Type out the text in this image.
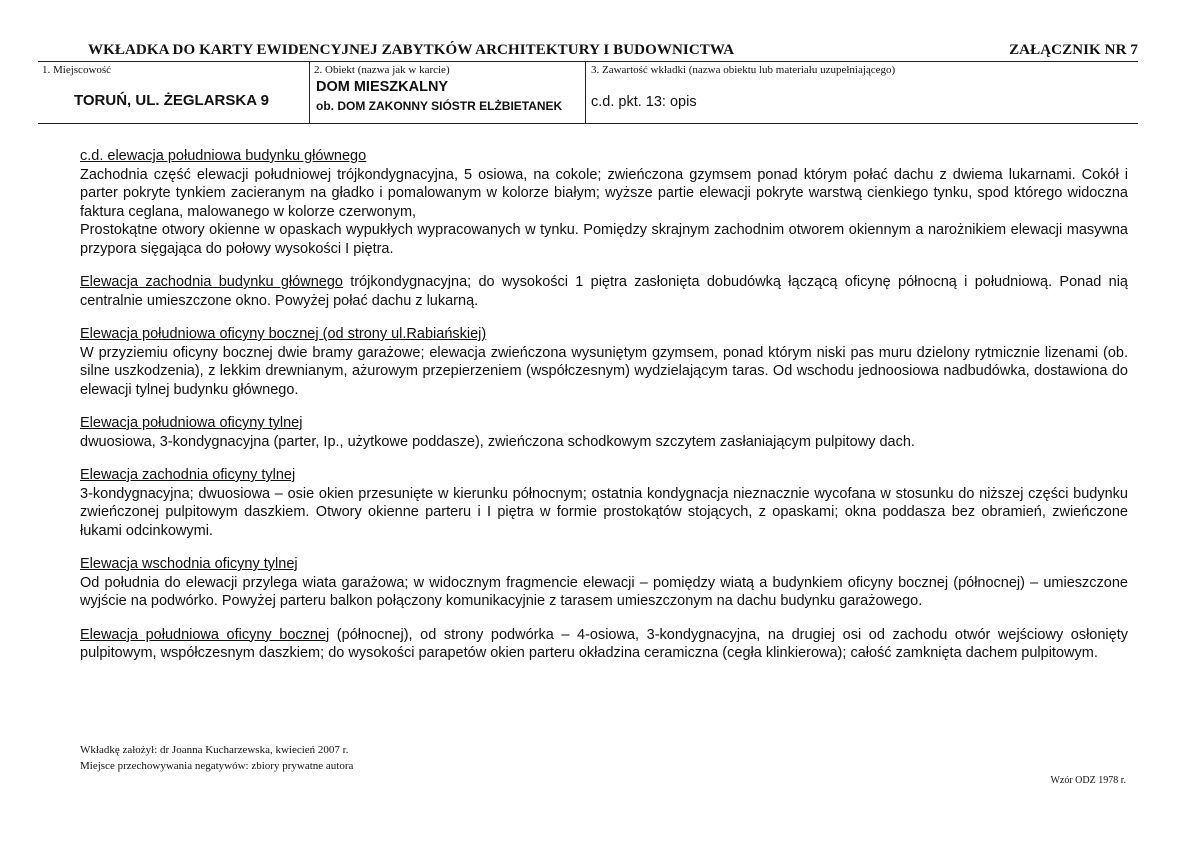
WKŁADKA DO KARTY EWIDENCYJNEJ ZABYTKÓW ARCHITEKTURY I BUDOWNICTWA	ZAŁĄCZNIK NR 7
1. Miejscowość
TORUŃ, UL. ŻEGLARSKA 9
2. Obiekt (nazwa jak w karcie)
DOM MIESZKALNY
ob. DOM ZAKONNY SIÓSTR ELŻBIETANEK
3. Zawartość wkładki (nazwa obiektu lub materiału uzupełniającego)
c.d. pkt. 13: opis

c.d. elewacja południowa budynku głównego

Zachodnia część elewacji południowej trójkondygnacyjna, 5 osiowa, na cokole; zwieńczona gzymsem ponad którym połać dachu z dwiema lukarnami. Cokół i parter pokryte tynkiem zacieranym na gładko i pomalowanym w kolorze białym; wyższe partie elewacji pokryte warstwą cienkiego tynku, spod którego widoczna faktura ceglana, malowanego w kolorze czerwonym,

Prostokątne otwory okienne w opaskach wypukłych wypracowanych w tynku. Pomiędzy skrajnym zachodnim otworem okiennym a narożnikiem elewacji masywna przypora sięgająca do połowy wysokości I piętra.

Elewacja zachodnia budynku głównego trójkondygnacyjna; do wysokości 1 piętra zasłonięta dobudówką łączącą oficynę północną i południową. Ponad nią centralnie umieszczone okno. Powyżej połać dachu z lukarną.

Elewacja południowa oficyny bocznej (od strony ul.Rabiańskiej)

W przyziemiu oficyny bocznej dwie bramy garażowe; elewacja zwieńczona wysuniętym gzymsem, ponad którym niski pas muru dzielony rytmicznie lizenami (ob. silne uszkodzenia), z lekkim drewnianym, ażurowym przepierzeniem (współczesnym) wydzielającym taras. Od wschodu jednoosiowa nadbudówka, dostawiona do elewacji tylnej budynku głównego.

Elewacja południowa oficyny tylnej

dwuosiowa, 3-kondygnacyjna (parter, Ip., użytkowe poddasze), zwieńczona schodkowym szczytem zasłaniającym pulpitowy dach.

Elewacja zachodnia oficyny tylnej

3-kondygnacyjna; dwuosiowa – osie okien przesunięte w kierunku północnym; ostatnia kondygnacja nieznacznie wycofana w stosunku do niższej części budynku zwieńczonej pulpitowym daszkiem. Otwory okienne parteru i I piętra w formie prostokątów stojących, z opaskami; okna poddasza bez obramień, zwieńczone łukami odcinkowymi.

Elewacja wschodnia oficyny tylnej

Od południa do elewacji przylega wiata garażowa; w widocznym fragmencie elewacji – pomiędzy wiatą a budynkiem oficyny bocznej (północnej) – umieszczone wyjście na podwórko. Powyżej parteru balkon połączony komunikacyjnie z tarasem umieszczonym na dachu budynku garażowego.

Elewacja południowa oficyny bocznej (północnej), od strony podwórka – 4-osiowa, 3-kondygnacyjna, na drugiej osi od zachodu otwór wejściowy osłonięty pulpitowym, współczesnym daszkiem; do wysokości parapetów okien parteru okładzina ceramiczna (cegła klinkierowa); całość zamknięta dachem pulpitowym.

Wkładkę założył: dr Joanna Kucharzewska, kwiecień 2007 r.
Miejsce przechowywania negatywów: zbiory prywatne autora
Wzór ODZ 1978 r.
